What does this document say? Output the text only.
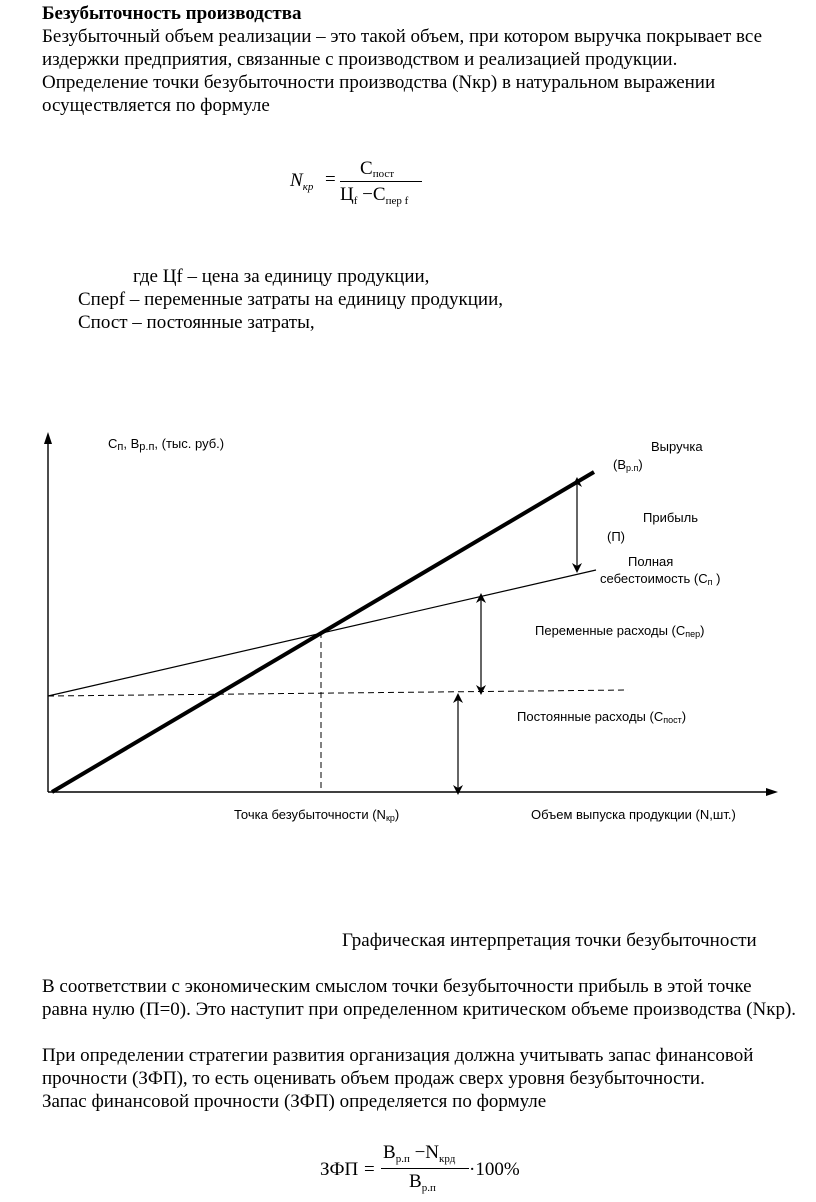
Безубыточность производства
Безубыточный объем реализации – это такой объем, при котором выручка покрывает все
издержки предприятия, связанные с производством и реализацией продукции.
Определение точки безубыточности производства (Nкр) в натуральном выражении
осуществляется по формуле
$N_{кр}$ =
Спост
$Ц_f -С_{пер f}$
где Цf – цена за единицу продукции,
Сперf – переменные затраты на единицу продукции,
Спост – постоянные затраты,
Сп, Вр.п, (тыс. руб.)	Выручка
(Вр.п)
Прибыль
(П)
Полная
себестоимость (Сп )
Переменные расходы (Спер)
Постоянные расходы (Спост)
Точка безубыточности (Nкр)	Объем выпуска продукции (N,шт.)
Графическая интерпретация точки безубыточности
В соответствии с экономическим смыслом точки безубыточности прибыль в этой точке
равна нулю (П=0). Это наступит при определенном критическом объеме производства (Nкр).
При определении стратегии развития организация должна учитывать запас финансовой
прочности (ЗФП), то есть оценивать объем продаж сверх уровня безубыточности.
Запас финансовой прочности (ЗФП) определяется по формуле
ЗФП =
$В_{р.п} -N_{крд}$
$В_{р.п}$
·100%
